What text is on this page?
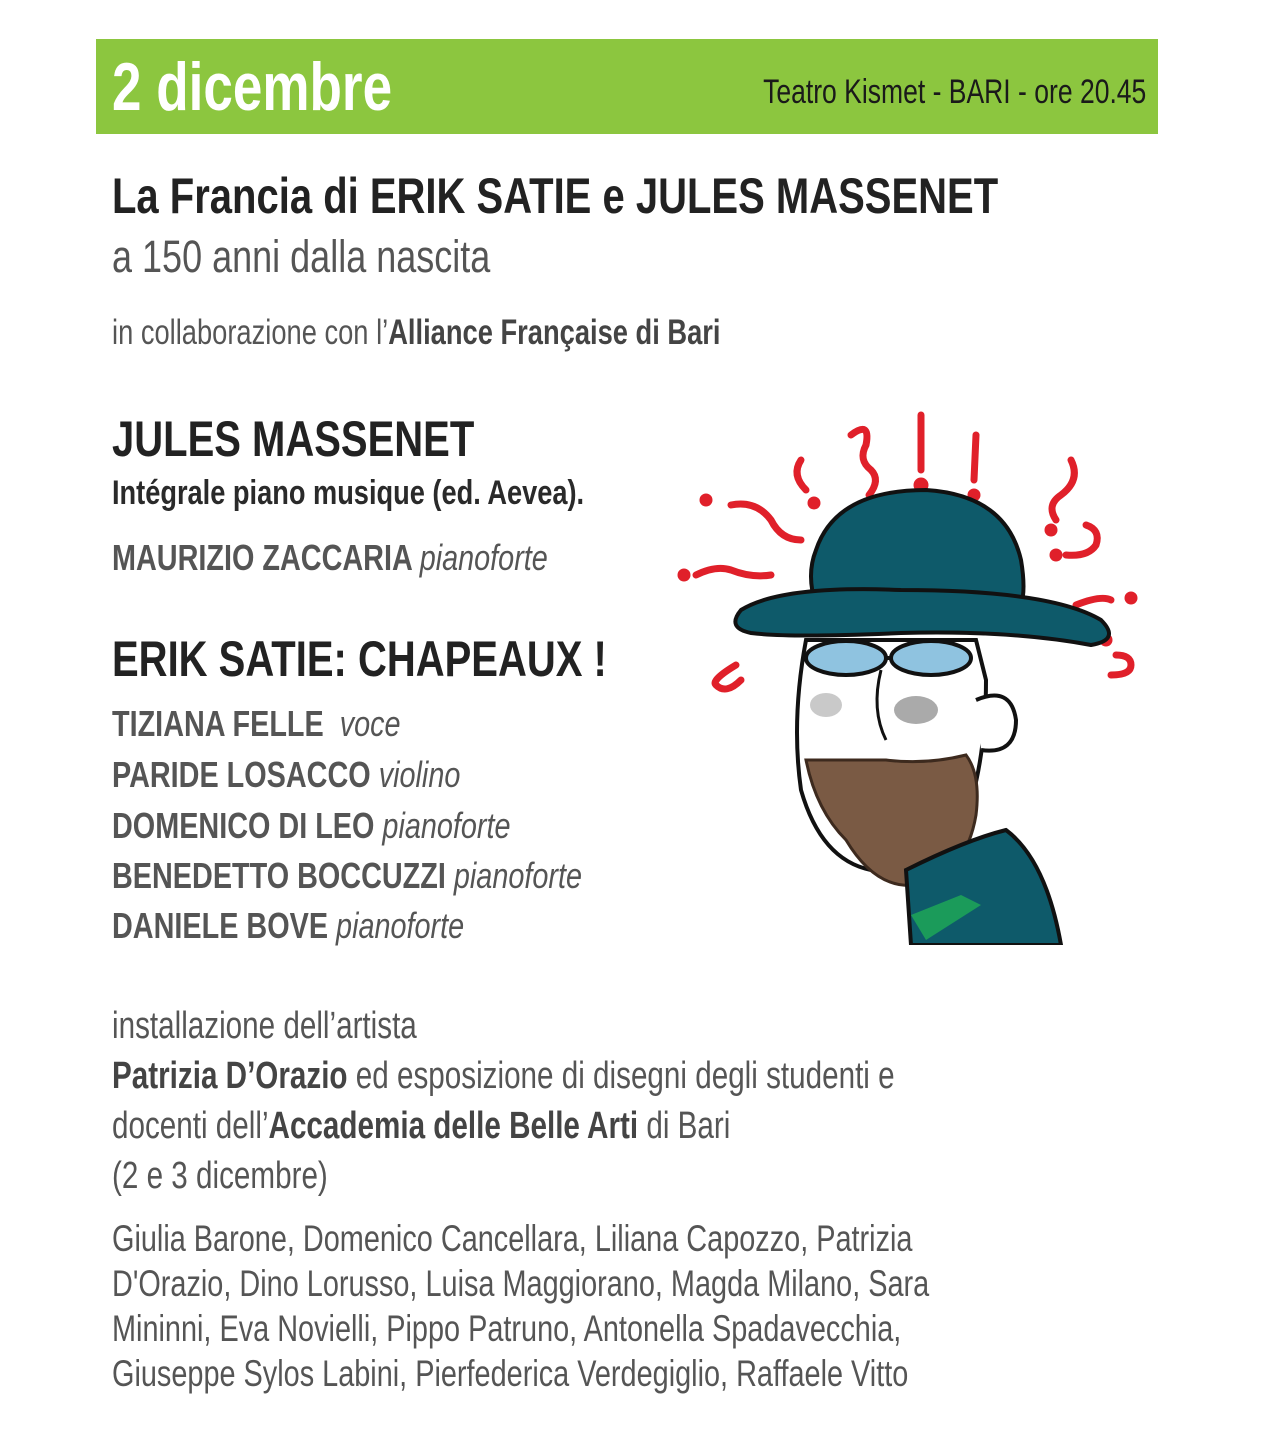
2 dicembre	Teatro Kismet - BARI - ore 20.45
La Francia di ERIK SATIE e JULES MASSENET
a 150 anni dalla nascita
in collaborazione con l’Alliance Française di Bari
JULES MASSENET
Intégrale piano musique (ed. Aevea).
MAURIZIO ZACCARIA pianoforte
ERIK SATIE: CHAPEAUX !
TIZIANA FELLE voce
PARIDE LOSACCO violino
DOMENICO DI LEO pianoforte
BENEDETTO BOCCUZZI pianoforte
DANIELE BOVE pianoforte
installazione dell’artista
Patrizia D’Orazio ed esposizione di disegni degli studenti e
docenti dell’Accademia delle Belle Arti di Bari
(2 e 3 dicembre)
Giulia Barone, Domenico Cancellara, Liliana Capozzo, Patrizia
D'Orazio, Dino Lorusso, Luisa Maggiorano, Magda Milano, Sara
Mininni, Eva Novielli, Pippo Patruno, Antonella Spadavecchia,
Giuseppe Sylos Labini, Pierfederica Verdegiglio, Raffaele Vitto
